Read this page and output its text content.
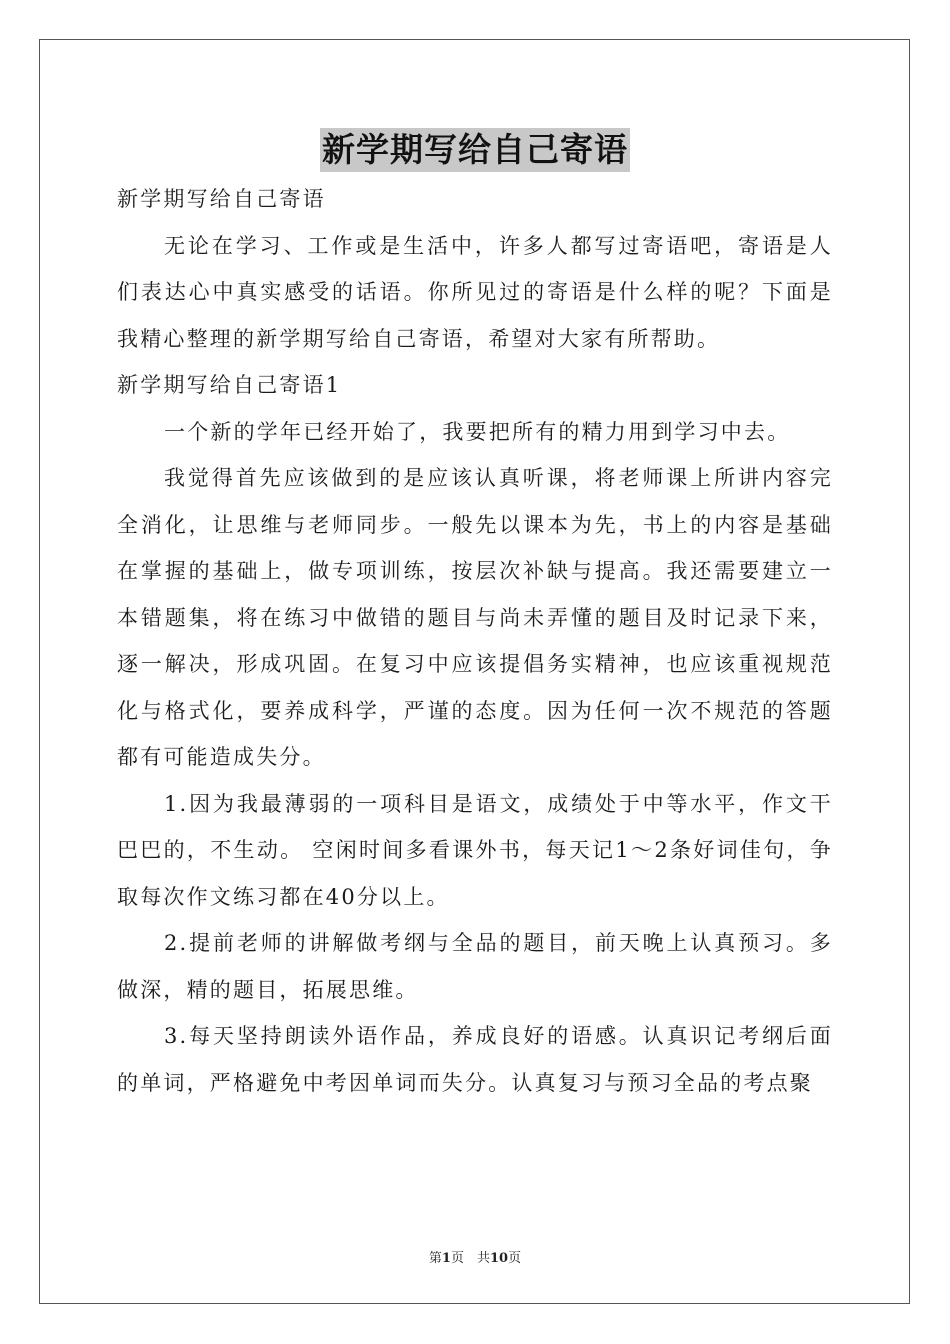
新学期写给自己寄语

新学期写给自己寄语

无论在学习、工作或是生活中，许多人都写过寄语吧，寄语是人们表达心中真实感受的话语。你所见过的寄语是什么样的呢？下面是我精心整理的新学期写给自己寄语，希望对大家有所帮助。

新学期写给自己寄语1

一个新的学年已经开始了，我要把所有的精力用到学习中去。

我觉得首先应该做到的是应该认真听课，将老师课上所讲内容完全消化，让思维与老师同步。一般先以课本为先，书上的内容是基础在掌握的基础上，做专项训练，按层次补缺与提高。我还需要建立一本错题集，将在练习中做错的题目与尚未弄懂的题目及时记录下来，逐一解决，形成巩固。在复习中应该提倡务实精神，也应该重视规范化与格式化，要养成科学，严谨的态度。因为任何一次不规范的答题都有可能造成失分。

1.因为我最薄弱的一项科目是语文，成绩处于中等水平，作文干巴巴的，不生动。 空闲时间多看课外书，每天记1～2条好词佳句，争取每次作文练习都在40分以上。

2.提前老师的讲解做考纲与全品的题目，前天晚上认真预习。多做深，精的题目，拓展思维。

3.每天坚持朗读外语作品，养成良好的语感。认真识记考纲后面的单词，严格避免中考因单词而失分。认真复习与预习全品的考点聚

第1页　共10页
